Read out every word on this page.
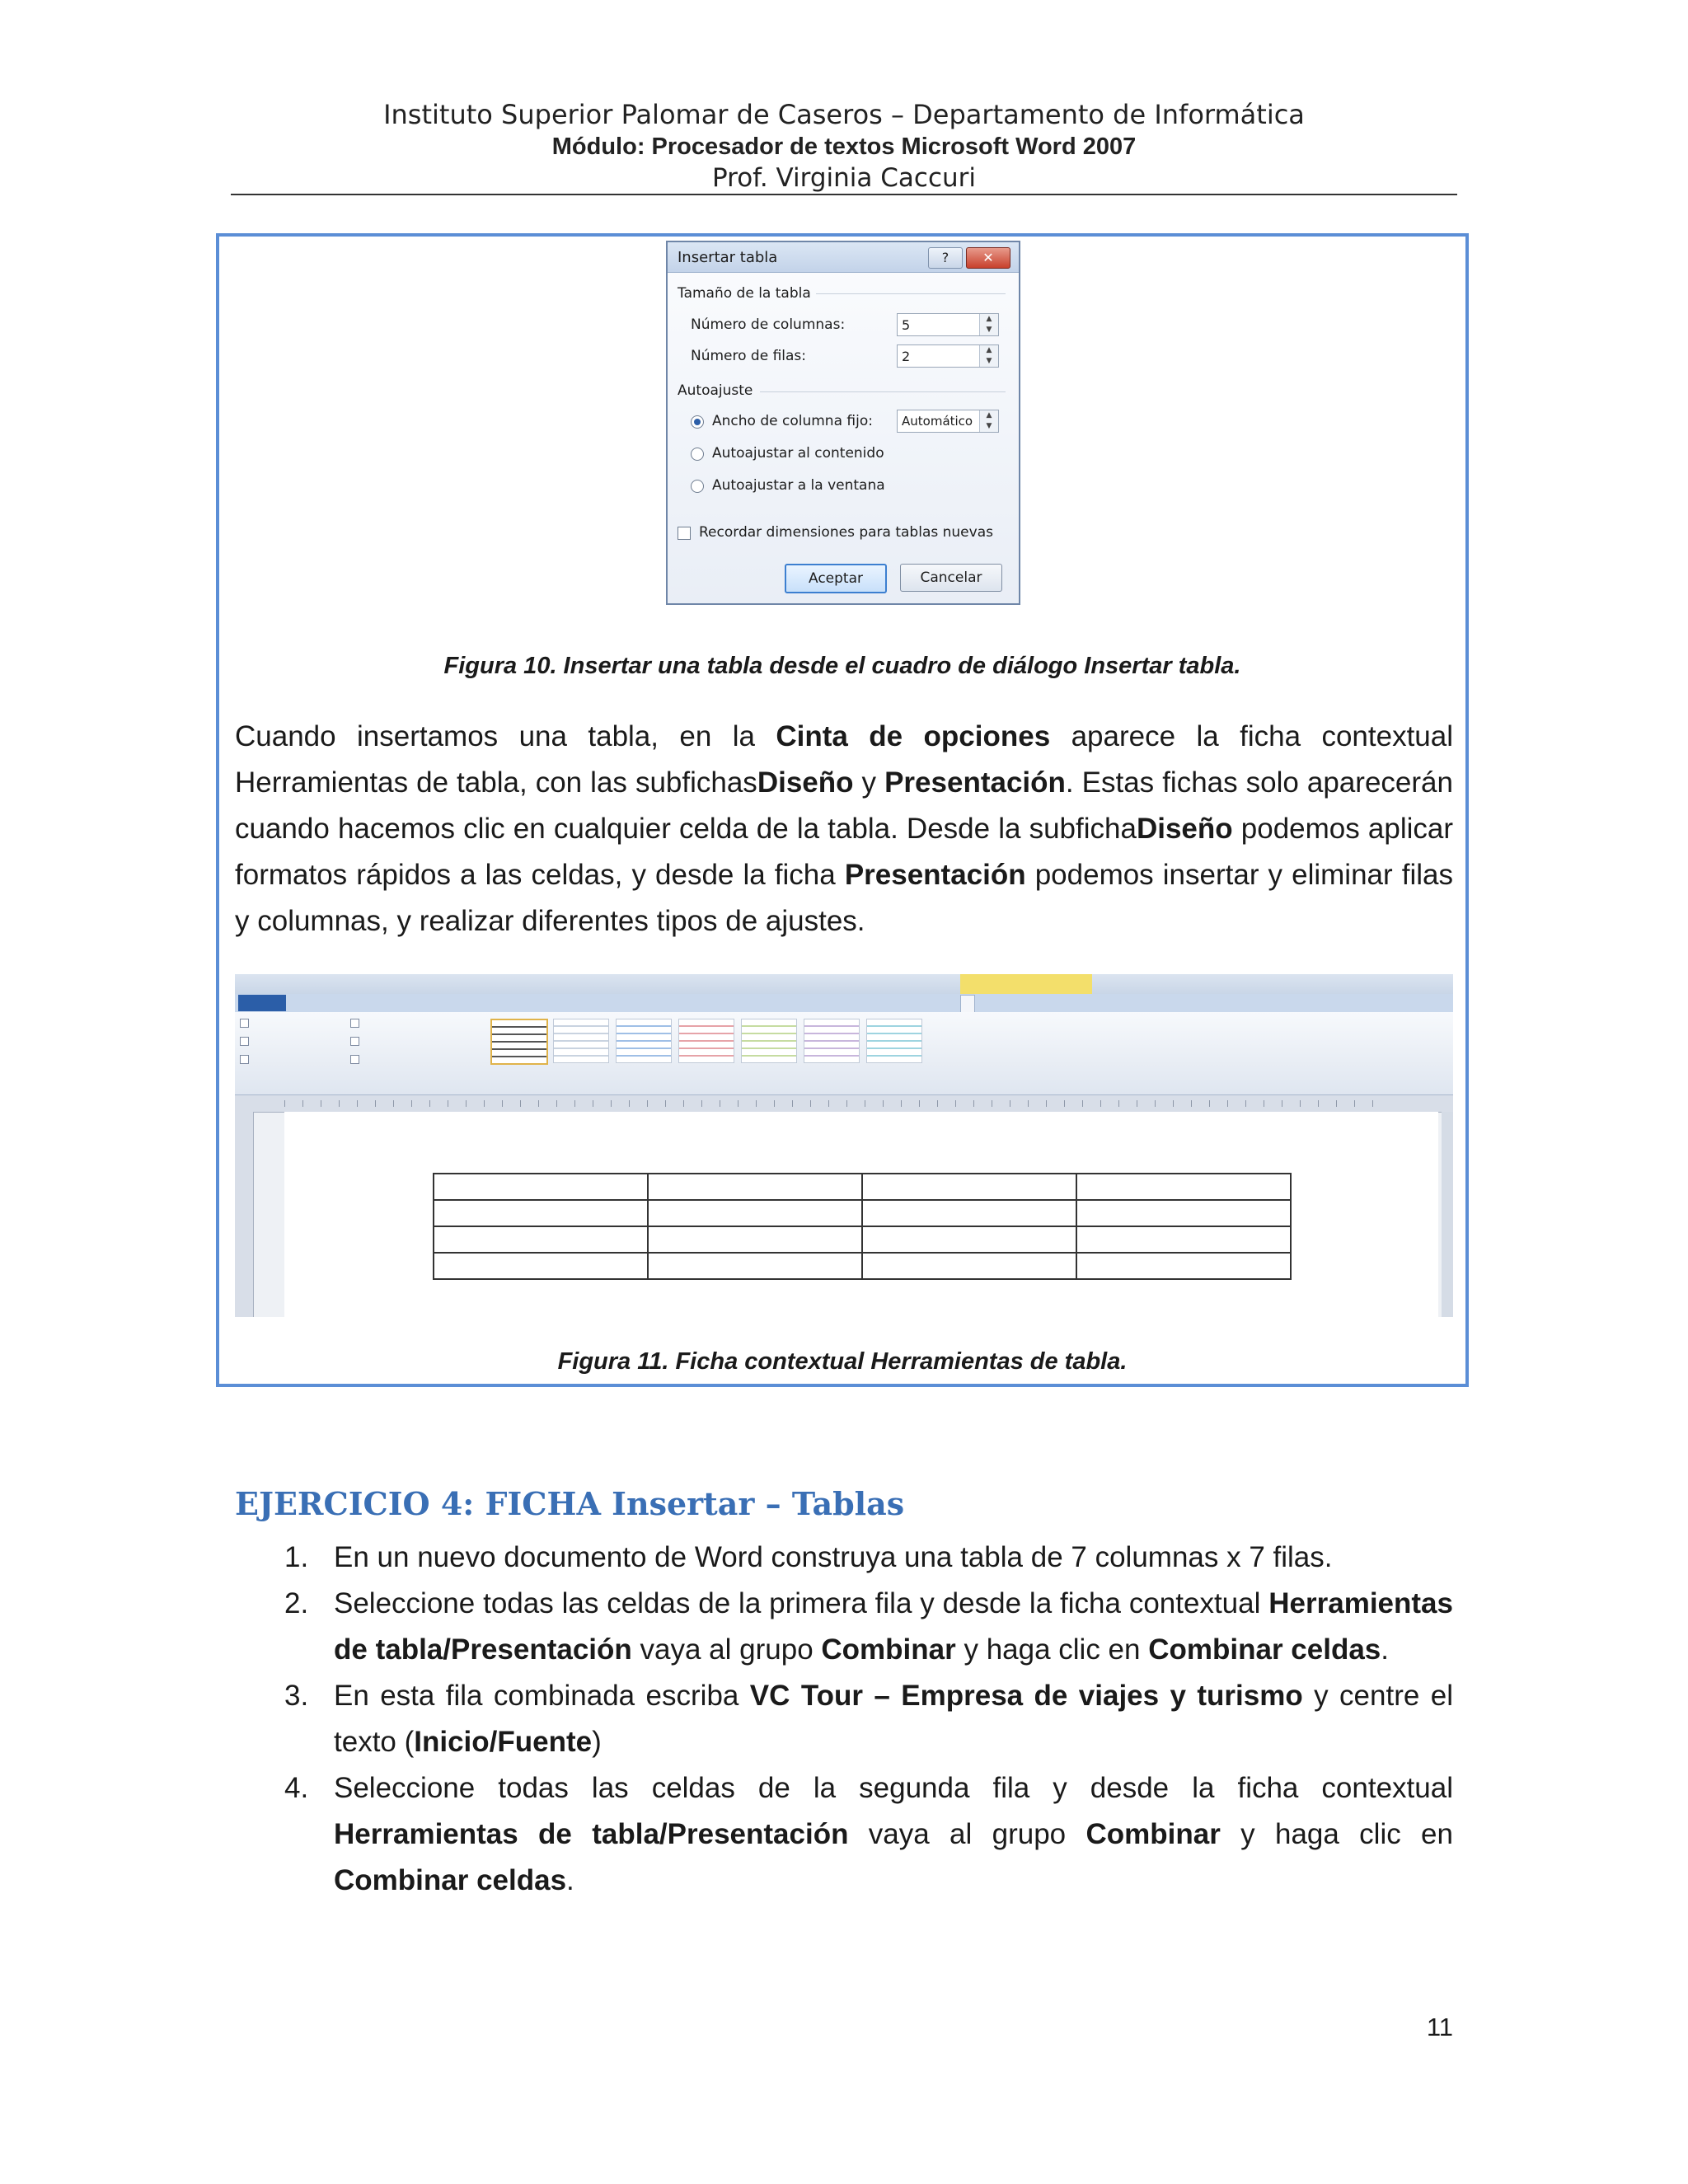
Instituto Superior Palomar de Caseros – Departamento de Informática
Módulo: Procesador de textos Microsoft Word 2007
Prof. Virginia Caccuri
Insertar tabla	?	✕
Tamaño de la tabla
Número de columnas:	5	▲
▼
Número de filas:	2	▲
▼
Autoajuste
Ancho de columna fijo: Automático	▲
▼
Autoajustar al contenido
Autoajustar a la ventana
Recordar dimensiones para tablas nuevas
Aceptar	Cancelar
Figura 10. Insertar una tabla desde el cuadro de diálogo Insertar tabla.
Cuando insertamos una tabla, en la Cinta de opciones aparece la ficha contextual Herramientas de tabla, con las subfichasDiseño y Presentación. Estas fichas solo aparecerán cuando hacemos clic en cualquier celda de la tabla. Desde la subfichaDiseño podemos aplicar formatos rápidos a las celdas, y desde la ficha Presentación podemos insertar y eliminar filas y columnas, y realizar diferentes tipos de ajustes.

Figura 11. Ficha contextual Herramientas de tabla.
EJERCICIO 4: FICHA Insertar – Tablas
1. En un nuevo documento de Word construya una tabla de 7 columnas x 7 filas.
2. Seleccione todas las celdas de la primera fila y desde la ficha contextual Herramientas de tabla/Presentación vaya al grupo Combinar y haga clic en Combinar celdas.
3. En esta fila combinada escriba VC Tour – Empresa de viajes y turismo y centre el texto (Inicio/Fuente)
4. Seleccione todas las celdas de la segunda fila y desde la ficha contextual Herramientas de tabla/Presentación vaya al grupo Combinar y haga clic en Combinar celdas.
11
